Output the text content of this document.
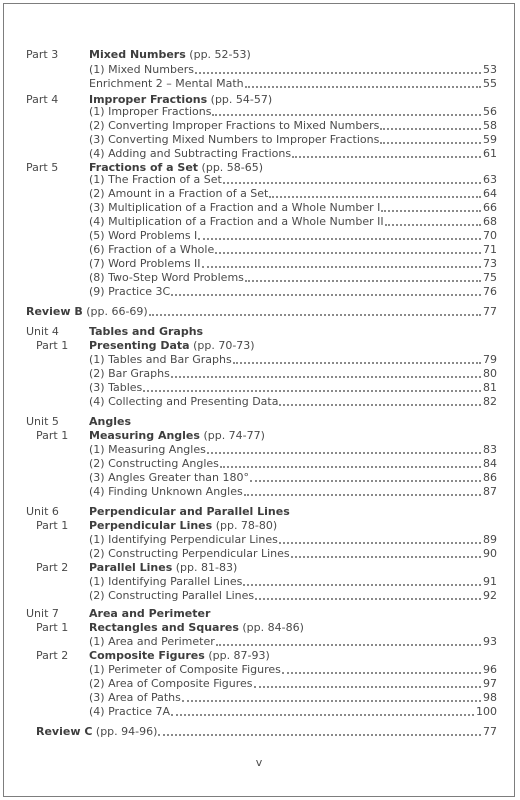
Part 3	Mixed Numbers (pp. 52-53)
(1) Mixed Numbers	53
Enrichment 2 – Mental Math	55
Part 4	Improper Fractions (pp. 54-57)
(1) Improper Fractions	56
(2) Converting Improper Fractions to Mixed Numbers	58
(3) Converting Mixed Numbers to Improper Fractions	59
(4) Adding and Subtracting Fractions	61
Part 5	Fractions of a Set (pp. 58-65)
(1) The Fraction of a Set	63
(2) Amount in a Fraction of a Set	64
(3) Multiplication of a Fraction and a Whole Number I	66
(4) Multiplication of a Fraction and a Whole Number II	68
(5) Word Problems I	70
(6) Fraction of a Whole	71
(7) Word Problems II	73
(8) Two-Step Word Problems	75
(9) Practice 3C	76
Review B (pp. 66-69)	77
Unit 4	Tables and Graphs
Part 1 Presenting Data (pp. 70-73)
(1) Tables and Bar Graphs	79
(2) Bar Graphs	80
(3) Tables	81
(4) Collecting and Presenting Data	82
Unit 5	Angles
Part 1 Measuring Angles (pp. 74-77)
(1) Measuring Angles	83
(2) Constructing Angles	84
(3) Angles Greater than 180°	86
(4) Finding Unknown Angles	87
Unit 6	Perpendicular and Parallel Lines
Part 1 Perpendicular Lines (pp. 78-80)
(1) Identifying Perpendicular Lines	89
(2) Constructing Perpendicular Lines	90
Part 2 Parallel Lines (pp. 81-83)
(1) Identifying Parallel Lines	91
(2) Constructing Parallel Lines	92
Unit 7	Area and Perimeter
Part 1 Rectangles and Squares (pp. 84-86)
(1) Area and Perimeter	93
Part 2 Composite Figures (pp. 87-93)
(1) Perimeter of Composite Figures	96
(2) Area of Composite Figures	97
(3) Area of Paths	98
(4) Practice 7A	100
Review C (pp. 94-96)	77
v
